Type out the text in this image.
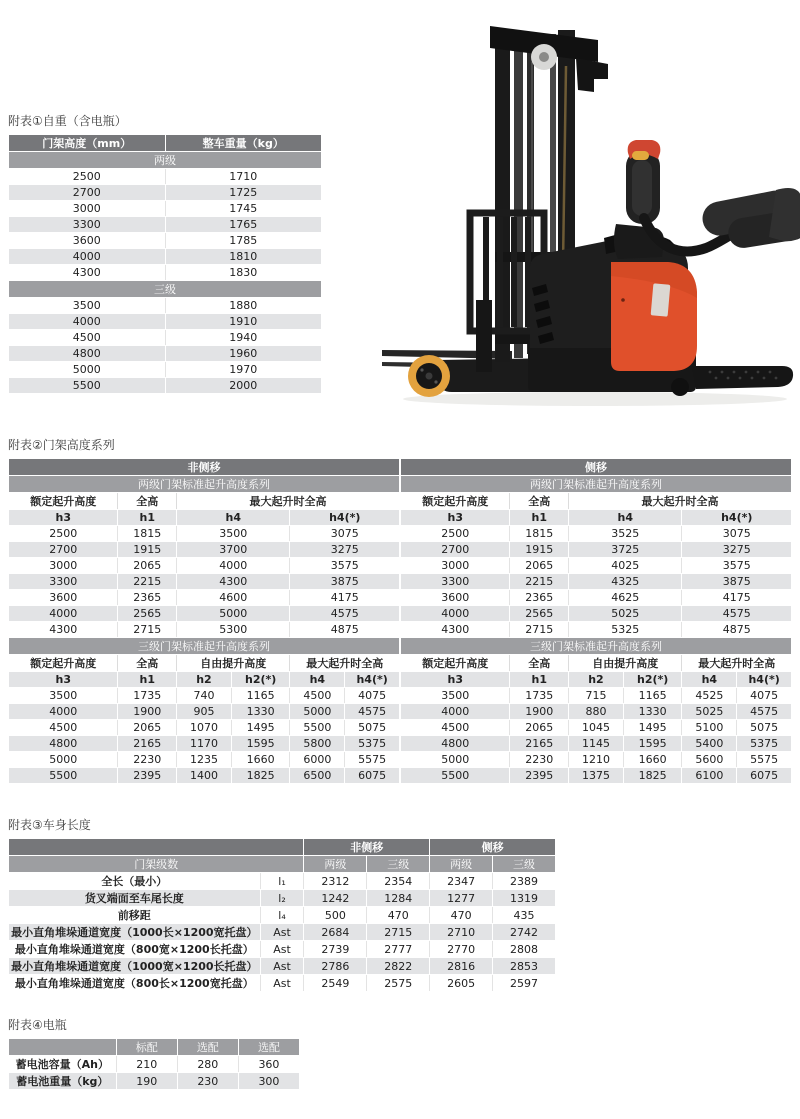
附表①自重（含电瓶）

门架高度（mm）	整车重量（kg）
两级	
2500	1710
2700	1725
3000	1745
3300	1765
3600	1785
4000	1810
4300	1830
三级	
3500	1880
4000	1910
4500	1940
4800	1960
5000	1970
5500	2000

附表②门架高度系列

非侧移					
两级门架标准起升高度系列					
额定起升高度	全高	最大起升时全高			
h3	h1	h4		h4(*)	
2500	1815	3500		3075	
2700	1915	3700		3275	
3000	2065	4000		3575	
3300	2215	4300		3875	
3600	2365	4600		4175	
4000	2565	5000		4575	
4300	2715	5300		4875	
三级门架标准起升高度系列					
额定起升高度	全高	自由提升高度		最大起升时全高	
h3	h1	h2	h2(*)	h4	h4(*)
3500	1735	740	1165	4500	4075
4000	1900	905	1330	5000	4575
4500	2065	1070	1495	5500	5075
4800	2165	1170	1595	5800	5375
5000	2230	1235	1660	6000	5575
5500	2395	1400	1825	6500	6075
侧移					
两级门架标准起升高度系列					
额定起升高度	全高	最大起升时全高			
h3	h1	h4		h4(*)	
2500	1815	3525		3075	
2700	1915	3725		3275	
3000	2065	4025		3575	
3300	2215	4325		3875	
3600	2365	4625		4175	
4000	2565	5025		4575	
4300	2715	5325		4875	
三级门架标准起升高度系列					
额定起升高度	全高	自由提升高度		最大起升时全高	
h3	h1	h2	h2(*)	h4	h4(*)
3500	1735	715	1165	4525	4075
4000	1900	880	1330	5025	4575
4500	2065	1045	1495	5100	5075
4800	2165	1145	1595	5400	5375
5000	2230	1210	1660	5600	5575
5500	2395	1375	1825	6100	6075

附表③车身长度

		非侧移		侧移	
门架级数		两级	三级	两级	三级
全长（最小）	l₁	2312	2354	2347	2389
货叉端面至车尾长度	l₂	1242	1284	1277	1319
前移距	l₄	500	470	470	435
最小直角堆垛通道宽度（1000长×1200宽托盘）	Ast	2684	2715	2710	2742
最小直角堆垛通道宽度（800宽×1200长托盘）	Ast	2739	2777	2770	2808
最小直角堆垛通道宽度（1000宽×1200长托盘）	Ast	2786	2822	2816	2853
最小直角堆垛通道宽度（800长×1200宽托盘）	Ast	2549	2575	2605	2597

附表④电瓶

	标配	选配	选配
蓄电池容量（Ah）	210	280	360
蓄电池重量（kg）	190	230	300
